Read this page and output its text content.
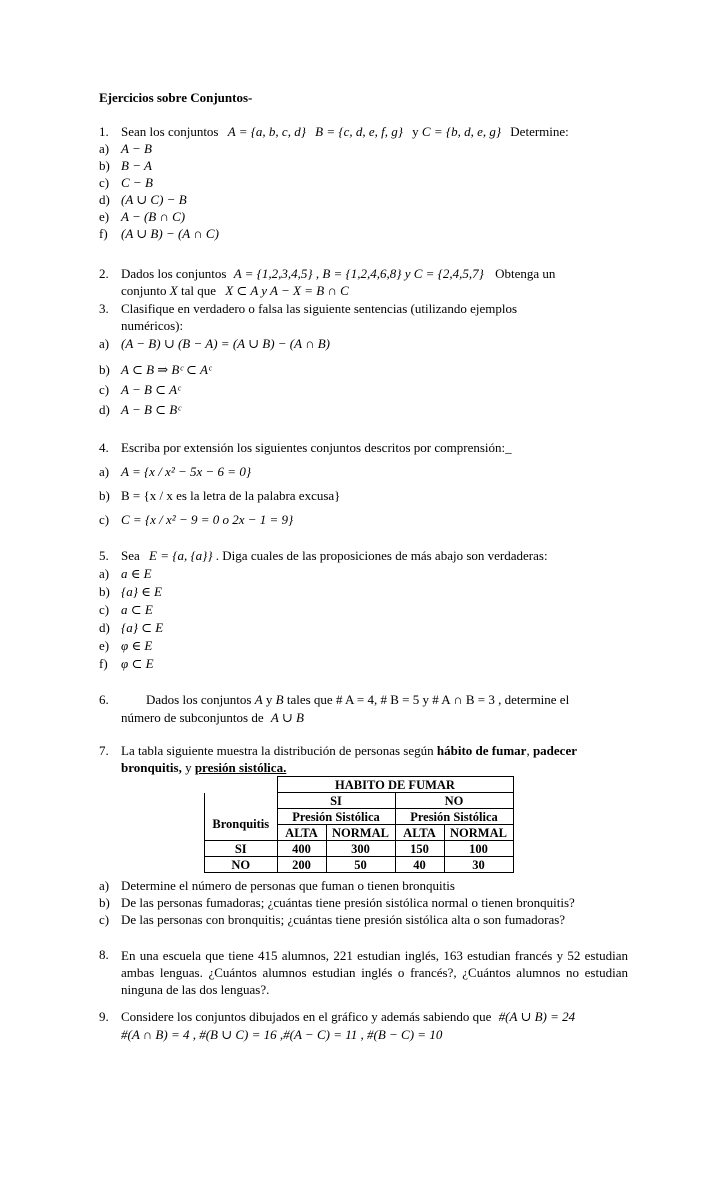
Ejercicios sobre Conjuntos-
1. Sean los conjuntos A = {a, b, c, d} B = {c, d, e, f, g} y C = {b, d, e, g} Determine:
a) A − B
b) B − A
c) C − B
d) (A ∪ C) − B
e) A − (B ∩ C)
f) (A ∪ B) − (A ∩ C)
2. Dados los conjuntos A = {1,2,3,4,5} , B = {1,2,4,6,8} y C = {2,4,5,7} Obtenga un
conjunto X tal que X ⊂ A y A − X = B ∩ C
3. Clasifique en verdadero o falsa las siguiente sentencias (utilizando ejemplos
numéricos):
a) (A − B) ∪ (B − A) = (A ∪ B) − (A ∩ B)
b) A ⊂ B ⇒ Bᶜ ⊂ Aᶜ
c) A − B ⊂ Aᶜ
d) A − B ⊂ Bᶜ
4. Escriba por extensión los siguientes conjuntos descritos por comprensión:_
a) A = {x / x² − 5x − 6 = 0}
b) B = {x / x es la letra de la palabra excusa}
c) C = {x / x² − 9 = 0 o 2x − 1 = 9}
5. Sea E = {a, {a}} . Diga cuales de las proposiciones de más abajo son verdaderas:
a) a ∈ E
b) {a} ∈ E
c) a ⊂ E
d) {a} ⊂ E
e) φ ∈ E
f) φ ⊂ E
6.	Dados los conjuntos A y B tales que # A = 4, # B = 5 y # A ∩ B = 3 , determine el
número de subconjuntos de A ∪ B
7. La tabla siguiente muestra la distribución de personas según hábito de fumar, padecer
bronquitis, y presión sistólica.
	HABITO DE FUMAR			
	SI		NO	
Bronquitis	Presión Sistólica		Presión Sistólica	
	ALTA	NORMAL	ALTA	NORMAL
SI	400	300	150	100
NO	200	50	40	30
a) Determine el número de personas que fuman o tienen bronquitis
b) De las personas fumadoras; ¿cuántas tiene presión sistólica normal o tienen bronquitis?
c) De las personas con bronquitis; ¿cuántas tiene presión sistólica alta o son fumadoras?
8. En una escuela que tiene 415 alumnos, 221 estudian inglés, 163 estudian francés y 52 estudian ambas lenguas. ¿Cuántos alumnos estudian inglés o francés?, ¿Cuántos alumnos no estudian ninguna de las dos lenguas?.
9. Considere los conjuntos dibujados en el gráfico y además sabiendo que #(A ∪ B) = 24
#(A ∩ B) = 4 , #(B ∪ C) = 16 ,#(A − C) = 11 , #(B − C) = 10
